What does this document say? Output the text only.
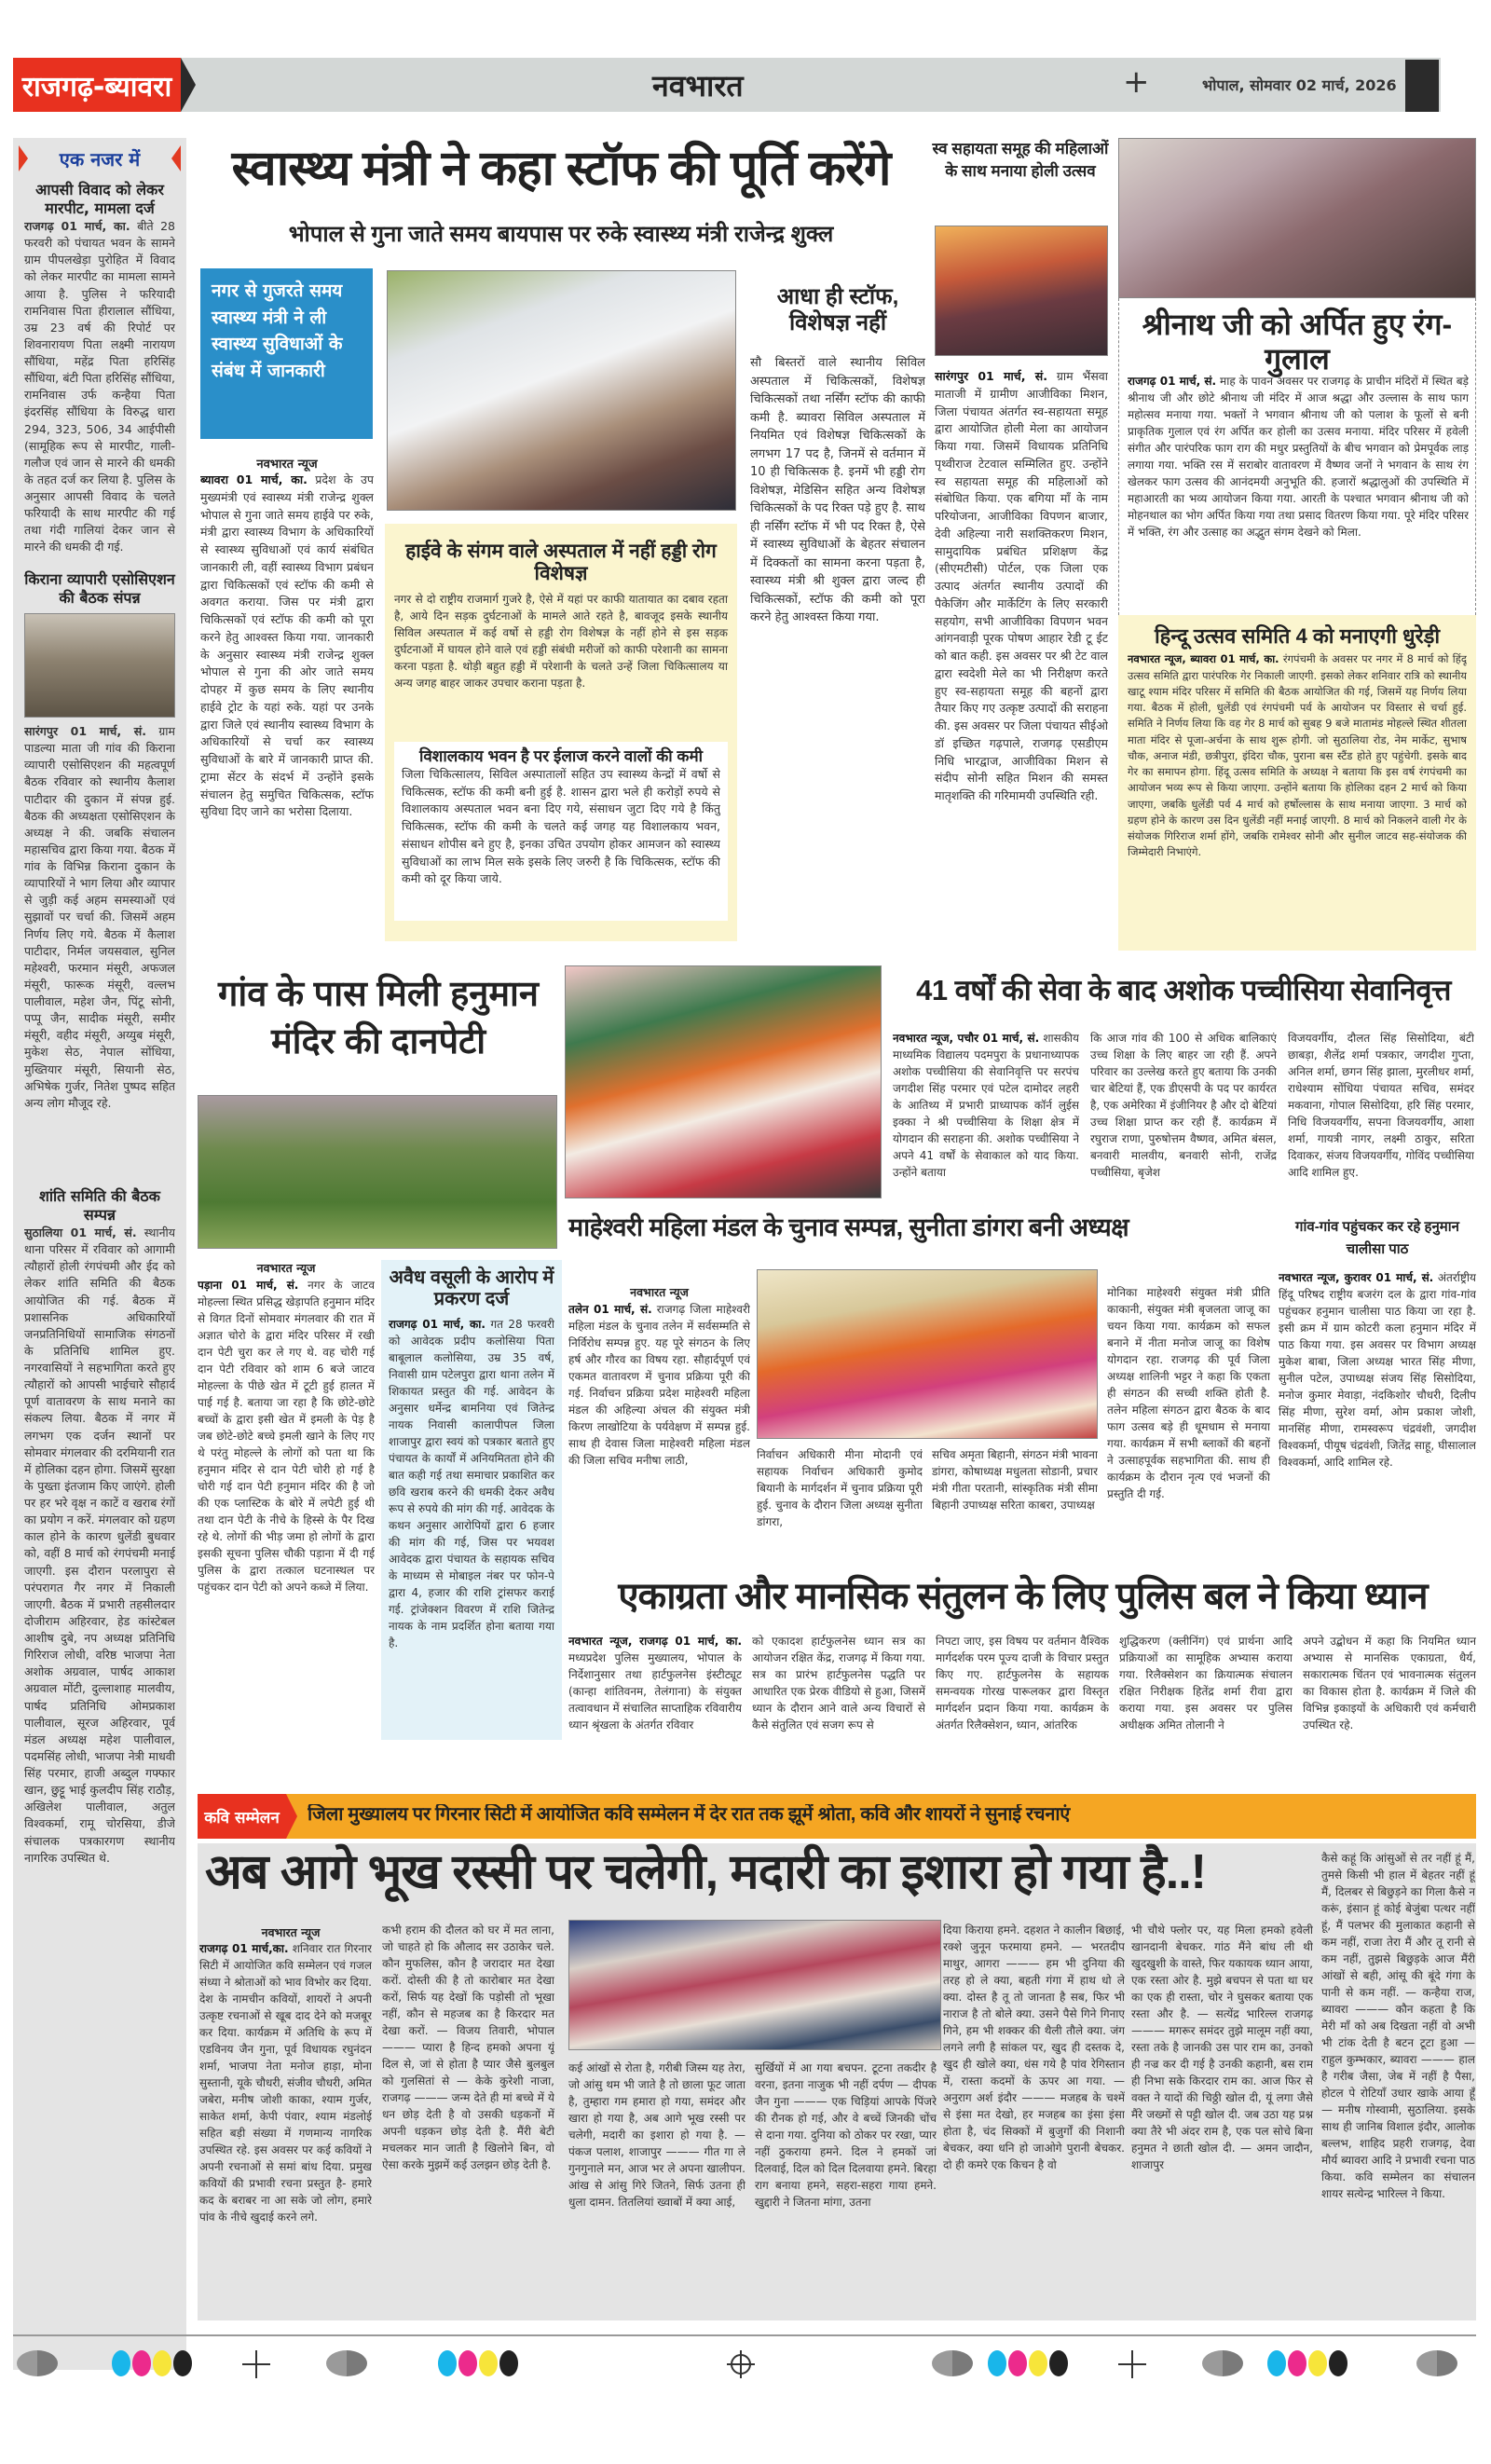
राजगढ़-ब्यावरा	नवभारत	+	भोपाल, सोमवार 02 मार्च, 2026
एक नजर में
आपसी विवाद को लेकर मारपीट, मामला दर्ज
राजगढ़ 01 मार्च, का. बीते 28 फरवरी को पंचायत भवन के सामने ग्राम पीपलखेड़ा पुरोहित में विवाद को लेकर मारपीट का मामला सामने आया है. पुलिस ने फरियादी रामनिवास पिता हीरालाल सौंधिया, उम्र 23 वर्ष की रिपोर्ट पर शिवनारायण पिता लक्ष्मी नारायण सौंधिया, महेंद्र पिता हरिसिंह सौंधिया, बंटी पिता हरिसिंह सौंधिया, रामनिवास उर्फ कन्हैया पिता इंदरसिंह सौंधिया के विरुद्ध धारा 294, 323, 506, 34 आईपीसी (सामूहिक रूप से मारपीट, गाली-गलौज एवं जान से मारने की धमकी के तहत दर्ज कर लिया है. पुलिस के अनुसार आपसी विवाद के चलते फरियादी के साथ मारपीट की गई तथा गंदी गालियां देकर जान से मारने की धमकी दी गई.
किराना व्यापारी एसोसिएशन की बैठक संपन्न
सारंगपुर 01 मार्च, सं. ग्राम पाडल्या माता जी गांव की किराना व्यापारी एसोसिएशन की महत्वपूर्ण बैठक रविवार को स्थानीय कैलाश पाटीदार की दुकान में संपन्न हुई. बैठक की अध्यक्षता एसोसिएशन के अध्यक्ष ने की. जबकि संचालन महासचिव द्वारा किया गया. बैठक में गांव के विभिन्न किराना दुकान के व्यापारियों ने भाग लिया और व्यापार से जुड़ी कई अहम समस्याओं एवं सुझावों पर चर्चा की. जिसमें अहम निर्णय लिए गये. बैठक में कैलाश पाटीदार, निर्मल जयसवाल, सुनिल महेश्वरी, फरमान मंसूरी, अफजल मंसूरी, फारूक मंसूरी, वल्लभ पालीवाल, महेश जैन, पिंटू सोनी, पप्पू जैन, सादीक मंसूरी, समीर मंसूरी, वहीद मंसूरी, अय्युब मंसूरी, मुकेश सेठ, नेपाल सोंधिया, मुख्तियार मंसूरी, सियानी सेठ, अभिषेक गुर्जर, नितेश पुष्पद सहित अन्य लोग मौजूद रहे.
शांति समिति की बैठक सम्पन्न
सुठालिया 01 मार्च, सं. स्थानीय थाना परिसर में रविवार को आगामी त्यौहारों होली रंगपंचमी और ईद को लेकर शांति समिति की बैठक आयोजित की गई. बैठक में प्रशासनिक अधिकारियों जनप्रतिनिधियों सामाजिक संगठनों के प्रतिनिधि शामिल हुए. नगरवासियों ने सहभागिता करते हुए त्यौहारों को आपसी भाईचारे सौहार्द पूर्ण वातावरण के साथ मनाने का संकल्प लिया. बैठक में नगर में लगभग एक दर्जन स्थानों पर सोमवार मंगलवार की दरमियानी रात में होलिका दहन होगा. जिसमें सुरक्षा के पुख्ता इंतजाम किए जाएंगे. होली पर हर भरे वृक्ष न काटें व खराब रंगों का प्रयोग न करें. मंगलवार को ग्रहण काल होने के कारण धुलेंडी बुधवार को, वहीं 8 मार्च को रंगपंचमी मनाई जाएगी. इस दौरान परलापुरा से परंपरागत गैर नगर में निकाली जाएगी. बैठक में प्रभारी तहसीलदार दोजीराम अहिरवार, हेड कांस्टेबल आशीष दुबे, नप अध्यक्ष प्रतिनिधि गिरिराज लोधी, वरिष्ठ भाजपा नेता अशोक अग्रवाल, पार्षद आकाश अग्रवाल मोंटी, दुल्लाशाह मालवीय, पार्षद प्रतिनिधि ओमप्रकाश पालीवाल, सूरज अहिरवार, पूर्व मंडल अध्यक्ष महेश पालीवाल, पदमसिंह लोधी, भाजपा नेत्री माधवी सिंह परमार, हाजी अब्दुल गफ्फार खान, छुट्टू भाई कुलदीप सिंह राठौड़, अखिलेश पालीवाल, अतुल विश्वकर्मा, रामू चोरसिया, डीजे संचालक पत्रकारगण स्थानीय नागरिक उपस्थित थे.
स्वास्थ्य मंत्री ने कहा स्टॉफ की पूर्ति करेंगे
भोपाल से गुना जाते समय बायपास पर रुके स्वास्थ्य मंत्री राजेन्द्र शुक्ल
नगर से गुजरते समय स्वास्थ्य मंत्री ने ली स्वास्थ्य सुविधाओं के संबंध में जानकारी
नवभारत न्यूज
ब्यावरा 01 मार्च, का. प्रदेश के उप मुख्यमंत्री एवं स्वास्थ्य मंत्री राजेन्द्र शुक्ल भोपाल से गुना जाते समय हाईवे पर रुके, मंत्री द्वारा स्वास्थ्य विभाग के अधिकारियों से स्वास्थ्य सुविधाओं एवं कार्य संबंधित जानकारी ली, वहीं स्वास्थ्य विभाग प्रबंधन द्वारा चिकित्सकों एवं स्टॉफ की कमी से अवगत कराया. जिस पर मंत्री द्वारा चिकित्सकों एवं स्टॉफ की कमी को पूरा करने हेतु आश्वस्त किया गया. जानकारी के अनुसार स्वास्थ्य मंत्री राजेन्द्र शुक्ल भोपाल से गुना की ओर जाते समय दोपहर में कुछ समय के लिए स्थानीय हाईवे ट्रोट के यहां रुके. यहां पर उनके द्वारा जिले एवं स्थानीय स्वास्थ्य विभाग के अधिकारियों से चर्चा कर स्वास्थ्य सुविधाओं के बारे में जानकारी प्राप्त की. ट्रामा सेंटर के संदर्भ में उन्होंने इसके संचालन हेतु समुचित चिकित्सक, स्टॉफ सुविधा दिए जाने का भरोसा दिलाया.
हाईवे के संगम वाले अस्पताल में नहीं हड्डी रोग विशेषज्ञ
नगर से दो राष्ट्रीय राजमार्ग गुजरे है, ऐसे में यहां पर काफी यातायात का दबाव रहता है, आये दिन सड़क दुर्घटनाओं के मामले आते रहते है, बावजूद इसके स्थानीय सिविल अस्पताल में कई वर्षो से हड्डी रोग विशेषज्ञ के नहीं होने से इस सड़क दुर्घटनाओं में घायल होने वाले एवं हड्डी संबंधी मरीजों को काफी परेशानी का सामना करना पड़ता है. थोड़ी बहुत हड्डी में परेशानी के चलते उन्हें जिला चिकित्सालय या अन्य जगह बाहर जाकर उपचार कराना पड़ता है.
विशालकाय भवन है पर ईलाज करने वालों की कमी
जिला चिकित्सालय, सिविल अस्पातालों सहित उप स्वास्थ्य केन्द्रों में वर्षो से चिकित्सक, स्टॉफ की कमी बनी हुई है. शासन द्वारा भले ही करोड़ों रुपये से विशालकाय अस्पताल भवन बना दिए गये, संसाधन जुटा दिए गये है किंतु चिकित्सक, स्टॉफ की कमी के चलते कई जगह यह विशालकाय भवन, संसाधन शोपीस बने हुए है, इनका उचित उपयोग होकर आमजन को स्वास्थ्य सुविधाओं का लाभ मिल सके इसके लिए जरुरी है कि चिकित्सक, स्टॉफ की कमी को दूर किया जाये.
आधा ही स्टॉफ, विशेषज्ञ नहीं
सौ बिस्तरों वाले स्थानीय सिविल अस्पताल में चिकित्सकों, विशेषज्ञ चिकित्सकों तथा नर्सिंग स्टॉफ की काफी कमी है. ब्यावरा सिविल अस्पताल में नियमित एवं विशेषज्ञ चिकित्सकों के लगभग 17 पद है, जिनमें से वर्तमान में 10 ही चिकित्सक है. इनमें भी हड्डी रोग विशेषज्ञ, मेडिसिन सहित अन्य विशेषज्ञ चिकित्सकों के पद रिक्त पड़े हुए है. साथ ही नर्सिंग स्टॉफ में भी पद रिक्त है, ऐसे में स्वास्थ्य सुविधाओं के बेहतर संचालन में दिक्कतों का सामना करना पड़ता है, स्वास्थ्य मंत्री श्री शुक्ल द्वारा जल्द ही चिकित्सकों, स्टॉफ की कमी को पूरा करने हेतु आश्वस्त किया गया.
स्व सहायता समूह की महिलाओं के साथ मनाया होली उत्सव
सारंगपुर 01 मार्च, सं. ग्राम भैंसवा माताजी में ग्रामीण आजीविका मिशन, जिला पंचायत अंतर्गत स्व-सहायता समूह द्वारा आयोजित होली मेला का आयोजन किया गया. जिसमें विधायक प्रतिनिधि पृथ्वीराज टेटवाल सम्मिलित हुए. उन्होंने स्व सहायता समूह की महिलाओं को संबोधित किया. एक बगिया माँ के नाम परियोजना, आजीविका विपणन बाजार, देवी अहिल्या नारी सशक्तिकरण मिशन, सामुदायिक प्रबंधित प्रशिक्षण केंद्र (सीएमटीसी) पोर्टल, एक जिला एक उत्पाद अंतर्गत स्थानीय उत्पादों की पैकेजिंग और मार्केटिंग के लिए सरकारी सहयोग, सभी आजीविका विपणन भवन आंगनवाड़ी पूरक पोषण आहार रेडी टू ईट को बात कही. इस अवसर पर श्री टेट वाल द्वारा स्वदेशी मेले का भी निरीक्षण करते हुए स्व-सहायता समूह की बहनों द्वारा तैयार किए गए उत्कृष्ट उत्पादों की सराहना की. इस अवसर पर जिला पंचायत सीईओ डॉ इच्छित गढ़पाले, राजगढ़ एसडीएम निधि भारद्वाज, आजीविका मिशन से संदीप सोनी सहित मिशन की समस्त मातृशक्ति की गरिमामयी उपस्थिति रही.
श्रीनाथ जी को अर्पित हुए रंग-गुलाल
राजगढ़ 01 मार्च, सं. माह के पावन अवसर पर राजगढ़ के प्राचीन मंदिरों में स्थित बड़े श्रीनाथ जी और छोटे श्रीनाथ जी मंदिर में आज श्रद्धा और उल्लास के साथ फाग महोत्सव मनाया गया. भक्तों ने भगवान श्रीनाथ जी को पलाश के फूलों से बनी प्राकृतिक गुलाल एवं रंग अर्पित कर होली का उत्सव मनाया. मंदिर परिसर में हवेली संगीत और पारंपरिक फाग राग की मधुर प्रस्तुतियों के बीच भगवान को प्रेमपूर्वक लाड़ लगाया गया. भक्ति रस में सराबोर वातावरण में वैष्णव जनों ने भगवान के साथ रंग खेलकर फाग उत्सव की आनंदमयी अनुभूति की. हजारों श्रद्धालुओं की उपस्थिति में महाआरती का भव्य आयोजन किया गया. आरती के पश्चात भगवान श्रीनाथ जी को मोहनथाल का भोग अर्पित किया गया तथा प्रसाद वितरण किया गया. पूरे मंदिर परिसर में भक्ति, रंग और उत्साह का अद्भुत संगम देखने को मिला.
हिन्दू उत्सव समिति 4 को मनाएगी धुरेड़ी
नवभारत न्यूज, ब्यावरा 01 मार्च, का. रंगपंचमी के अवसर पर नगर में 8 मार्च को हिंदू उत्सव समिति द्वारा पारंपरिक गेर निकाली जाएगी. इसको लेकर शनिवार रात्रि को स्थानीय खाटू श्याम मंदिर परिसर में समिति की बैठक आयोजित की गई, जिसमें यह निर्णय लिया गया. बैठक में होली, धुलेंडी एवं रंगपंचमी पर्व के आयोजन पर विस्तार से चर्चा हुई. समिति ने निर्णय लिया कि वह गेर 8 मार्च को सुबह 9 बजे मातामंड मोहल्ले स्थित शीतला माता मंदिर से पूजा-अर्चना के साथ शुरू होगी. जो सुठालिया रोड, नेम मार्केट, सुभाष चौक, अनाज मंडी, छत्रीपुरा, इंदिरा चौक, पुराना बस स्टैंड होते हुए पहुंचेगी. इसके बाद गेर का समापन होगा. हिंदू उत्सव समिति के अध्यक्ष ने बताया कि इस वर्ष रंगपंचमी का आयोजन भव्य रूप से किया जाएगा. उन्होंने बताया कि होलिका दहन 2 मार्च को किया जाएगा, जबकि धुलेंडी पर्व 4 मार्च को हर्षोल्लास के साथ मनाया जाएगा. 3 मार्च को ग्रहण होने के कारण उस दिन धुलेंडी नहीं मनाई जाएगी. 8 मार्च को निकलने वाली गेर के संयोजक गिरिराज शर्मा होंगे, जबकि रामेश्वर सोनी और सुनील जाटव सह-संयोजक की जिम्मेदारी निभाएंगे.
गांव के पास मिली हनुमान मंदिर की दानपेटी
नवभारत न्यूज
पड़ाना 01 मार्च, सं. नगर के जाटव मोहल्ला स्थित प्रसिद्ध खेड़ापति हनुमान मंदिर से विगत दिनों सोमवार मंगलवार की रात में अज्ञात चोरो के द्वारा मंदिर परिसर में रखी दान पेटी चुरा कर ले गए थे. वह चोरी गई दान पेटी रविवार को शाम 6 बजे जाटव मोहल्ला के पीछे खेत में टूटी हुई हालत में पाई गई है. बताया जा रहा है कि छोटे-छोटे बच्चों के द्वारा इसी खेत में इमली के पेड़ है जब छोटे-छोटे बच्चे इमली खाने के लिए गए थे परंतु मोहल्ले के लोगों को पता था कि हनुमान मंदिर से दान पेटी चोरी हो गई है चोरी गई दान पेटी हनुमान मंदिर की है जो की एक प्लास्टिक के बोरे में लपेटी हुई थी तथा दान पेटी के नीचे के हिस्से के पैर दिख रहे थे. लोगों की भीड़ जमा हो लोगों के द्वारा इसकी सूचना पुलिस चौकी पड़ाना में दी गई पुलिस के द्वारा तत्काल घटनास्थल पर पहुंचकर दान पेटी को अपने कब्जे में लिया.
अवैध वसूली के आरोप में प्रकरण दर्ज
राजगढ़ 01 मार्च, का. गत 28 फरवरी को आवेदक प्रदीप कलोसिया पिता बाबूलाल कलोसिया, उम्र 35 वर्ष, निवासी ग्राम पटेलपुरा द्वारा थाना तलेन में शिकायत प्रस्तुत की गई. आवेदन के अनुसार धर्मेन्द्र बामनिया एवं जितेन्द्र नायक निवासी कालापीपल जिला शाजापुर द्वारा स्वयं को पत्रकार बताते हुए पंचायत के कार्यों में अनियमितता होने की बात कही गई तथा समाचार प्रकाशित कर छवि खराब करने की धमकी देकर अवैध रूप से रुपये की मांग की गई. आवेदक के कथन अनुसार आरोपियों द्वारा 6 हजार की मांग की गई, जिस पर भयवश आवेदक द्वारा पंचायत के सहायक सचिव के माध्यम से मोबाइल नंबर पर फोन-पे द्वारा 4, हजार की राशि ट्रांसफर कराई गई. ट्रांजेक्शन विवरण में राशि जितेन्द्र नायक के नाम प्रदर्शित होना बताया गया है.
41 वर्षों की सेवा के बाद अशोक पच्चीसिया सेवानिवृत्त
नवभारत न्यूज, पचौर 01 मार्च, सं. शासकीय माध्यमिक विद्यालय पदमपुरा के प्रधानाध्यापक अशोक पच्चीसिया की सेवानिवृत्ति पर सरपंच जगदीश सिंह परमार एवं पटेल दामोदर लहरी के आतिथ्य में प्रभारी प्राध्यापक कॉर्न लुईस इक्का ने श्री पच्चीसिया के शिक्षा क्षेत्र में योगदान की सराहना की. अशोक पच्चीसिया ने अपने 41 वर्षों के सेवाकाल को याद किया. उन्होंने बताया
कि आज गांव की 100 से अधिक बालिकाएं उच्च शिक्षा के लिए बाहर जा रही हैं. अपने परिवार का उल्लेख करते हुए बताया कि उनकी चार बेटियां हैं, एक डीएसपी के पद पर कार्यरत है, एक अमेरिका में इंजीनियर है और दो बेटियां उच्च शिक्षा प्राप्त कर रही हैं. कार्यक्रम में रघुराज राणा, पुरुषोत्तम वैष्णव, अमित बंसल, बनवारी मालवीय, बनवारी सोनी, राजेंद्र पच्चीसिया, बृजेश
विजयवर्गीय, दौलत सिंह सिसोदिया, बंटी छाबड़ा, शैलेंद्र शर्मा पत्रकार, जगदीश गुप्ता, अनिल शर्मा, छगन सिंह झाला, मुरलीधर शर्मा, राधेश्याम सोंधिया पंचायत सचिव, समंदर मकवाना, गोपाल सिसोदिया, हरि सिंह परमार, निधि विजयवर्गीय, सपना विजयवर्गीय, आशा शर्मा, गायत्री नागर, लक्ष्मी ठाकुर, सरिता दिवाकर, संजय विजयवर्गीय, गोविंद पच्चीसिया आदि शामिल हुए.
माहेश्वरी महिला मंडल के चुनाव सम्पन्न, सुनीता डांगरा बनी अध्यक्ष
नवभारत न्यूज
तलेन 01 मार्च, सं. राजगढ़ जिला माहेश्वरी महिला मंडल के चुनाव तलेन में सर्वसम्मति से निर्विरोध सम्पन्न हुए. यह पूरे संगठन के लिए हर्ष और गौरव का विषय रहा. सौहार्दपूर्ण एवं एकमत वातावरण में चुनाव प्रक्रिया पूरी की गई. निर्वाचन प्रक्रिया प्रदेश माहेश्वरी महिला मंडल की अहिल्या अंचल की संयुक्त मंत्री किरण लाखोटिया के पर्यवेक्षण में सम्पन्न हुई. साथ ही देवास जिला माहेश्वरी महिला मंडल की जिला सचिव मनीषा लाठी,	निर्वाचन अधिकारी मीना मोदानी एवं सहायक निर्वाचन अधिकारी कुमोद बियानी के मार्गदर्शन में चुनाव प्रक्रिया पूरी हुई. चुनाव के दौरान जिला अध्यक्ष सुनीता डांगरा,
सचिव अमृता बिहानी, संगठन मंत्री भावना डांगरा, कोषाध्यक्ष मधुलता सोडानी, प्रचार मंत्री गीता परतानी, सांस्कृतिक मंत्री सीमा बिहानी उपाध्यक्ष सरिता काबरा, उपाध्यक्ष
मोनिका माहेश्वरी संयुक्त मंत्री प्रीति काकानी, संयुक्त मंत्री बृजलता जाजू का चयन किया गया. कार्यक्रम को सफल बनाने में नीता मनोज जाजू का विशेष योगदान रहा. राजगढ़ की पूर्व जिला अध्यक्ष शालिनी भट्टर ने कहा कि एकता ही संगठन की सच्ची शक्ति होती है. तलेन महिला संगठन द्वारा बैठक के बाद फाग उत्सव बड़े ही धूमधाम से मनाया गया. कार्यक्रम में सभी ब्लाकों की बहनों ने उत्साहपूर्वक सहभागिता की. साथ ही कार्यक्रम के दौरान नृत्य एवं भजनों की प्रस्तुति दी गई.
गांव-गांव पहुंचकर कर रहे हनुमान चालीसा पाठ
नवभारत न्यूज, कुरावर 01 मार्च, सं. अंतर्राष्ट्रीय हिंदू परिषद राष्ट्रीय बजरंग दल के द्वारा गांव-गांव पहुंचकर हनुमान चालीसा पाठ किया जा रहा है. इसी क्रम में ग्राम कोटरी कला हनुमान मंदिर में पाठ किया गया. इस अवसर पर विभाग अध्यक्ष मुकेश बाबा, जिला अध्यक्ष भारत सिंह मीणा, सुनील पटेल, उपाध्यक्ष संजय सिंह सिसोदिया, मनोज कुमार मेवाड़ा, नंदकिशोर चौधरी, दिलीप सिंह मीणा, सुरेश वर्मा, ओम प्रकाश जोशी, मानसिंह मीणा, रामस्वरूप चंद्रवंशी, जगदीश विश्वकर्मा, पीयूष चंद्रवंशी, जितेंद्र साहू, घीसालाल विश्वकर्मा, आदि शामिल रहे.
एकाग्रता और मानसिक संतुलन के लिए पुलिस बल ने किया ध्यान
नवभारत न्यूज, राजगढ़ 01 मार्च, का. मध्यप्रदेश पुलिस मुख्यालय, भोपाल के निर्देशानुसार तथा हार्टफुलनेस इंस्टीट्यूट (कान्हा शांतिवनम, तेलंगाना) के संयुक्त तत्वावधान में संचालित साप्ताहिक रविवारीय ध्यान श्रृंखला के अंतर्गत रविवार
को एकादश हार्टफुलनेस ध्यान सत्र का आयोजन रक्षित केंद्र, राजगढ़ में किया गया. सत्र का प्रारंभ हार्टफुलनेस पद्धति पर आधारित एक प्रेरक वीडियो से हुआ, जिसमें ध्यान के दौरान आने वाले अन्य विचारों से कैसे संतुलित एवं सजग रूप से
निपटा जाए, इस विषय पर वर्तमान वैश्विक मार्गदर्शक परम पूज्य दाजी के विचार प्रस्तुत किए गए. हार्टफुलनेस के सहायक समन्वयक गोरख पारूलकर द्वारा विस्तृत मार्गदर्शन प्रदान किया गया. कार्यक्रम के अंतर्गत रिलैक्सेशन, ध्यान, आंतरिक
शुद्धिकरण (क्लीनिंग) एवं प्रार्थना आदि प्रक्रियाओं का सामूहिक अभ्यास कराया गया. रिलैक्सेशन का क्रियात्मक संचालन रक्षित निरीक्षक हितेंद्र शर्मा रीवा द्वारा कराया गया. इस अवसर पर पुलिस अधीक्षक अमित तोलानी ने
अपने उद्बोधन में कहा कि नियमित ध्यान अभ्यास से मानसिक एकाग्रता, धैर्य, सकारात्मक चिंतन एवं भावनात्मक संतुलन का विकास होता है. कार्यक्रम में जिले की विभिन्न इकाइयों के अधिकारी एवं कर्मचारी उपस्थित रहे.
कवि सम्मेलन	जिला मुख्यालय पर गिरनार सिटी में आयोजित कवि सम्मेलन में देर रात तक झूमें श्रोता, कवि और शायरों ने सुनाई रचनाएं
अब आगे भूख रस्सी पर चलेगी, मदारी का इशारा हो गया है..!
नवभारत न्यूज
राजगढ़ 01 मार्च,का. शनिवार रात गिरनार सिटी में आयोजित कवि सम्मेलन एवं गजल संध्या ने श्रोताओं को भाव विभोर कर दिया. देश के नामचीन कवियों, शायरों ने अपनी उत्कृष्ट रचनाओं से खूब दाद देने को मजबूर कर दिया. कार्यक्रम में अतिथि के रूप में एडविनय जैन गुना, पूर्व विधायक रघुनंदन शर्मा, भाजपा नेता मनोज हाड़ा, मोना सुस्तानी, यूके चौधरी, संजीव चौधरी, अमित जबेरा, मनीष जोशी काका, श्याम गुर्जर, साकेत शर्मा, केपी पंवार, श्याम मंडलोई सहित बड़ी संख्या में गणमान्य नागरिक उपस्थित रहे. इस अवसर पर कई कवियों ने अपनी रचनाओं से समां बांध दिया. प्रमुख कवियों की प्रभावी रचना प्रस्तुत है- हमारे कद के बराबर ना आ सके जो लोग, हमारे पांव के नीचे खुदाई करने लगे.
कभी हराम की दौलत को घर में मत लाना, जो चाहते हो कि औलाद सर उठाकेर चले. कौन मुफलिस, कौन है जरादार मत देखा करों. दोस्ती की है तो कारोबार मत देखा करों, सिर्फ यह देखों कि पड़ोसी तो भूखा नहीं, कौन से महजब का है किरदार मत देखा करों. — विजय तिवारी, भोपाल ——— प्यारा है हिन्द हमको अपना यूं दिल से, जां से होता है प्यार जैसे बुलबुल को गुलसितां से — केके कुरेशी नाजा, राजगढ़ ——— जन्म देते ही मां बच्चे में ये धन छोड़ देती है वो उसकी धड़कनों में अपनी धड़कन छोड़ देती है. मैंरी बेटी मचलकर मान जाती है खिलोने बिन, वो ऐसा करके मुझमें कई उलझन छोड़ देती है.
कई आंखों से रोता है, गरीबी जिस्म यह तेरा, जो आंसु थम भी जाते है तो छाला फूट जाता है, तुम्हारा गम हमारा हो गया, समंदर और खारा हो गया है, अब आगे भूख रस्सी पर चलेगी, मदारी का इशारा हो गया है. — पंकज पलाश, शाजापुर ——— गीत गा ले गुनगुनाले मन, आज भर ले अपना खालीपन. आंख से आंसु गिरे जितने, सिर्फ उतना ही धुला दामन. तितलियां ख्वाबों में क्या आई,
सुर्खियों में आ गया बचपन. टूटना तकदीर है वरना, इतना नाजुक भी नहीं दर्पण — दीपक जैन गुना ——— एक चिड़ियां आपके पिंजरे की रौनक हो गई, और वे बच्चें जिनकी चोंच से दाना गया. दुनिया को ठोकर पर रखा, प्यार नहीं ठुकराया हमने. दिल ने हमकों जां दिलवाई, दिल को दिल दिलवाया हमने. बिरहा राग बनाया हमने, सहरा-सहरा गाया हमने. खुद्दारी ने जितना मांगा, उतना
दिया किराया हमने. दहशत ने कालीन बिछाई, रक्शे जुनून फरमाया हमने. — भरतदीप माथुर, आगरा ——— हम भी दुनिया की तरह हो ले क्या, बहती गंगा में हाथ धो ले क्या. दोस्त है तू तो जानता है सब, फिर भी नाराज है तो बोले क्या. उसने पैसे गिने गिनाए गिने, हम भी शक्कर की थैली तौले क्या. जंग लगने लगी है सांकल पर, खुद ही दस्तक दे, खुद ही खोले क्या, धंस गये है पांव रेगिस्तान में, रास्ता कदमों के ऊपर आ गया. — अनुराग अर्श इंदौर ——— मजहब के चश्में से इंसा मत देखो, हर मजहब का इंसा इंसा होता है, चंद सिक्कों में बुजुर्गों की निशानी बेचकर, क्या धनि हो जाओगे पुरानी बेचकर. दो ही कमरे एक किचन है वो
भी चौथे फ्लोर पर, यह मिला हमको हवेली खानदानी बेचकर. गांठ मैंने बांध ली थी खुदखुशी के वास्ते, फिर यकायक ध्यान आया, एक रस्ता ओर है. मुझे बचपन से पता था घर का एक ही रास्ता, चोर ने घुसकर बताया एक रस्ता और है. — सत्येंद्र भारिल्ल राजगढ़ ——— मगरूर समंदर तुझे मालूम नहीं क्या, रस्ता तके है जानकी उस पार राम का, उनको ही नज्र कर दी गई है उनकी कहानी, बस राम ही निभा सके किरदार राम का. आज फिर से वक्त ने यादों की चिठ्ठी खोल दी, यूं लगा जैसे मैंरे जख्मों से पट्टी खोल दी. जब उठा यह प्रश्न क्या तैरे भी अंदर राम है, एक पल सोचे बिना हनुमत ने छाती खोल दी. — अमन जादौन, शाजापुर
कैसे कहूं कि आंसुओं से तर नहीं हूं मैं, तुमसे किसी भी हाल में बेहतर नहीं हूं मैं, दिलबर से बिछुड़ने का गिला कैसे न करूं, इंसान हूं कोई बेजुंबा पत्थर नहीं हूं, मैं पलभर की मुलाकात कहानी से कम नहीं, राजा तेरा मैं और तू रानी से कम नहीं, तुझसे बिछुड़के आज मैंरी आंखों से बही, आंसू की बूंदे गंगा के पानी से कम नहीं. — कन्हैया राज, ब्यावरा ——— कौन कहता है कि मेरी माँ को अब दिखता नहीं वो अभी भी टांक देती है बटन टूटा हुआ — राहुल कुम्भकार, ब्यावरा ——— हाल है गरीब जैसा, जेब में नहीं है पैसा, होटल पे रोटियाँ उधार खाके आया हूँ — मनीष गोस्वामी, सुठालिया. इसके साथ ही जानिब विशाल इंदौर, आलोक बल्लभ, शाहिद प्रहरी राजगढ़, देवा मौर्य ब्यावरा आदि ने प्रभावी रचना पाठ किया. कवि सम्मेलन का संचालन शायर सत्येन्द्र भारिल्ल ने किया.
